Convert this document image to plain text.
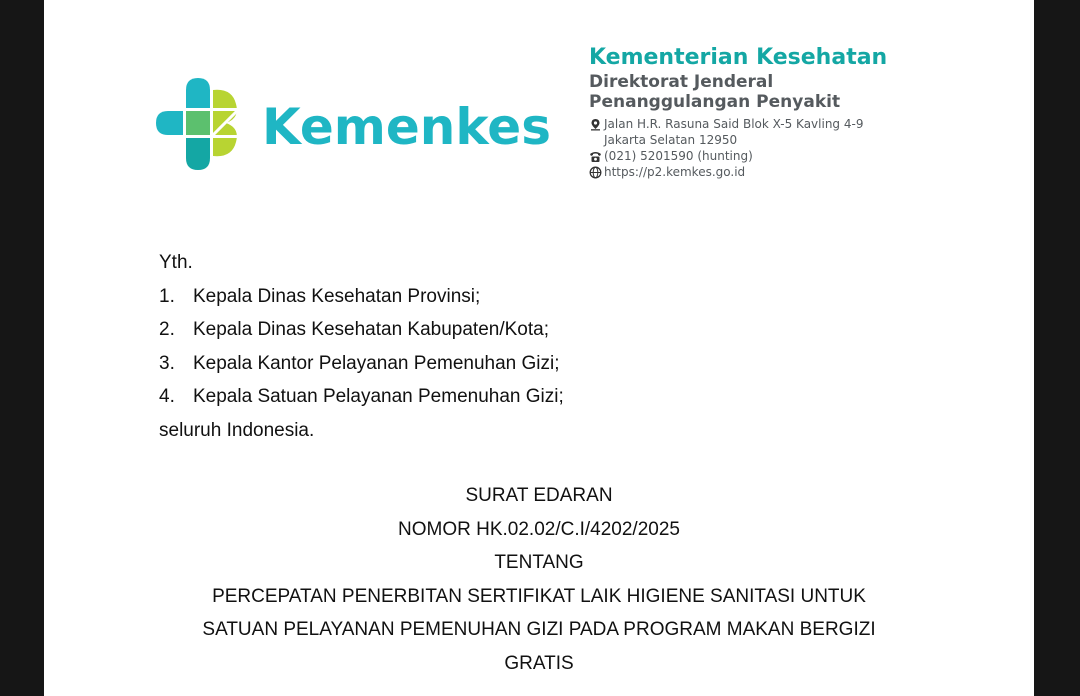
Kemenkes
Kementerian Kesehatan
Direktorat Jenderal
Penanggulangan Penyakit
Jalan H.R. Rasuna Said Blok X-5 Kavling 4-9
Jakarta Selatan 12950
(021) 5201590 (hunting)
https://p2.kemkes.go.id
Yth.
1. Kepala Dinas Kesehatan Provinsi;
2. Kepala Dinas Kesehatan Kabupaten/Kota;
3. Kepala Kantor Pelayanan Pemenuhan Gizi;
4. Kepala Satuan Pelayanan Pemenuhan Gizi;
seluruh Indonesia.
SURAT EDARAN
NOMOR HK.02.02/C.I/4202/2025
TENTANG
PERCEPATAN PENERBITAN SERTIFIKAT LAIK HIGIENE SANITASI UNTUK
SATUAN PELAYANAN PEMENUHAN GIZI PADA PROGRAM MAKAN BERGIZI
GRATIS
